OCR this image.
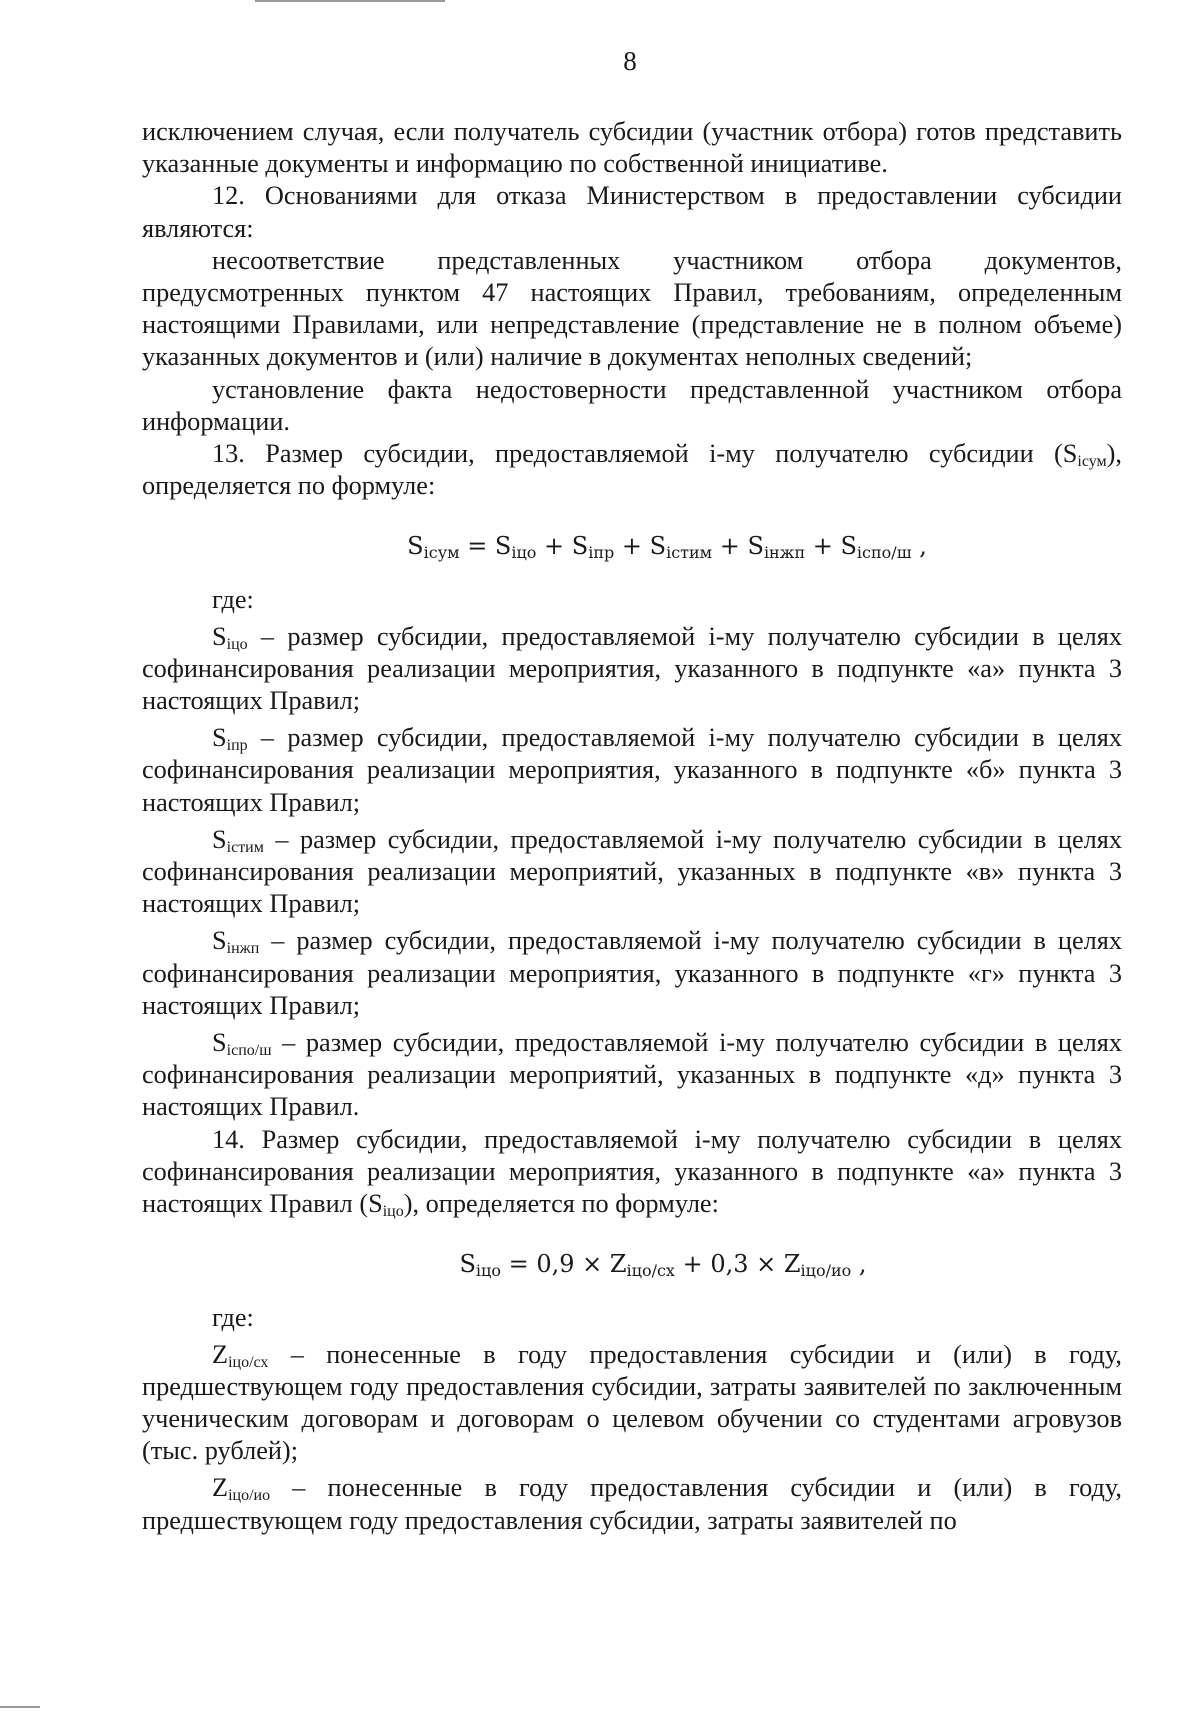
8

исключением случая, если получатель субсидии (участник отбора) готов представить указанные документы и информацию по собственной инициативе.

12. Основаниями для отказа Министерством в предоставлении субсидии являются:

несоответствие представленных участником отбора документов, предусмотренных пунктом 47 настоящих Правил, требованиям, определенным настоящими Правилами, или непредставление (представление не в полном объеме) указанных документов и (или) наличие в документах неполных сведений;

установление факта недостоверности представленной участником отбора информации.

13. Размер субсидии, предоставляемой i-му получателю субсидии $(S_{iсум})$, определяется по формуле:

$S_{iсум} = S_{iцо} + S_{iпр} + S_{iстим} + S_{iнжп} + S_{iспо/ш}$ ,

где:

$S_{iцо}$ – размер субсидии, предоставляемой i-му получателю субсидии в целях софинансирования реализации мероприятия, указанного в подпункте «а» пункта 3 настоящих Правил;

$S_{iпр}$ – размер субсидии, предоставляемой i-му получателю субсидии в целях софинансирования реализации мероприятия, указанного в подпункте «б» пункта 3 настоящих Правил;

$S_{iстим}$ – размер субсидии, предоставляемой i-му получателю субсидии в целях софинансирования реализации мероприятий, указанных в подпункте «в» пункта 3 настоящих Правил;

$S_{iнжп}$ – размер субсидии, предоставляемой i-му получателю субсидии в целях софинансирования реализации мероприятия, указанного в подпункте «г» пункта 3 настоящих Правил;

$S_{iспо/ш}$ – размер субсидии, предоставляемой i-му получателю субсидии в целях софинансирования реализации мероприятий, указанных в подпункте «д» пункта 3 настоящих Правил.

14. Размер субсидии, предоставляемой i-му получателю субсидии в целях софинансирования реализации мероприятия, указанного в подпункте «а» пункта 3 настоящих Правил $(S_{iцо})$, определяется по формуле:

$S_{iцо} = 0,9 \times Z_{iцо/сх} + 0,3 \times Z_{iцо/ио}$ ,

где:

$Z_{iцо/сх}$ – понесенные в году предоставления субсидии и (или) в году, предшествующем году предоставления субсидии, затраты заявителей по заключенным ученическим договорам и договорам о целевом обучении со студентами агровузов (тыс. рублей);

$Z_{iцо/ио}$ – понесенные в году предоставления субсидии и (или) в году, предшествующем году предоставления субсидии, затраты заявителей по
